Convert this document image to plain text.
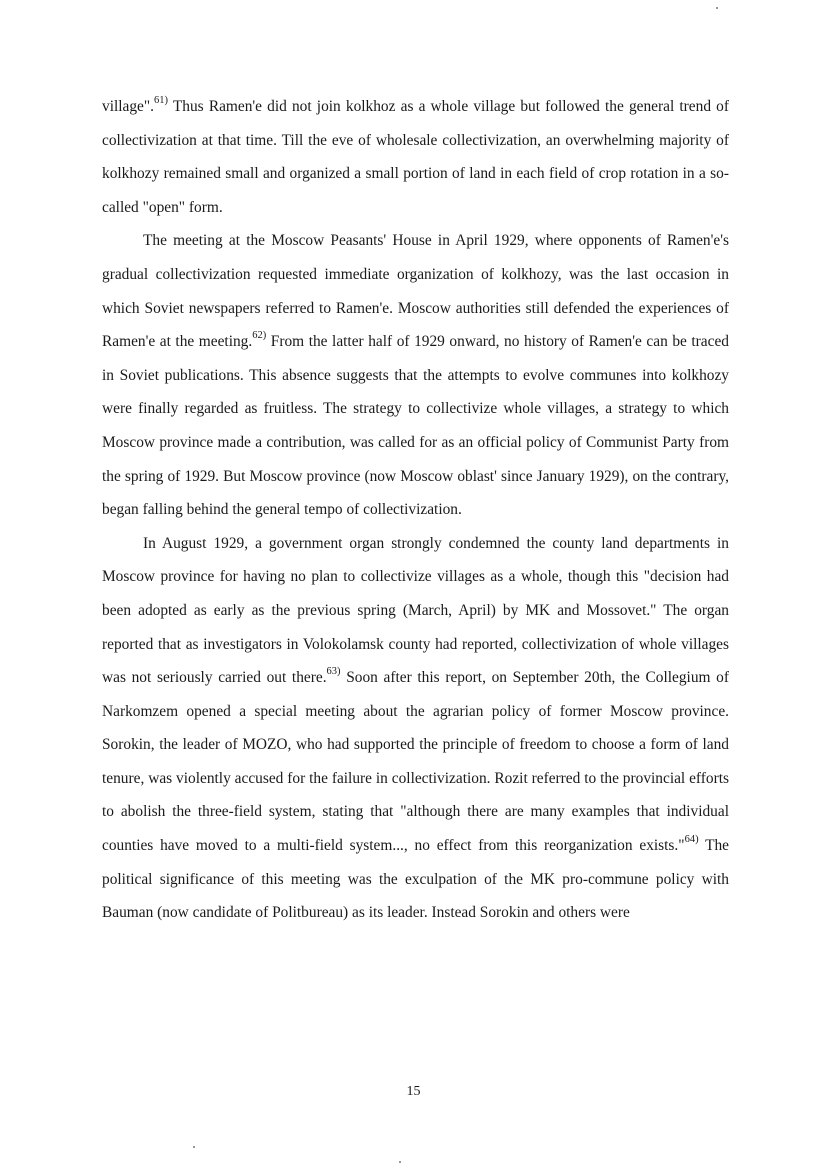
village".$^{61)}$ Thus Ramen'e did not join kolkhoz as a whole village but followed the general trend of collectivization at that time. Till the eve of wholesale collectivization, an overwhelming majority of kolkhozy remained small and organized a small portion of land in each field of crop rotation in a so-called "open" form.

The meeting at the Moscow Peasants' House in April 1929, where opponents of Ramen'e's gradual collectivization requested immediate organization of kolkhozy, was the last occasion in which Soviet newspapers referred to Ramen'e. Moscow authorities still defended the experiences of Ramen'e at the meeting.$^{62)}$ From the latter half of 1929 onward, no history of Ramen'e can be traced in Soviet publications. This absence suggests that the attempts to evolve communes into kolkhozy were finally regarded as fruitless. The strategy to collectivize whole villages, a strategy to which Moscow province made a contribution, was called for as an official policy of Communist Party from the spring of 1929. But Moscow province (now Moscow oblast' since January 1929), on the contrary, began falling behind the general tempo of collectivization.

In August 1929, a government organ strongly condemned the county land departments in Moscow province for having no plan to collectivize villages as a whole, though this "decision had been adopted as early as the previous spring (March, April) by MK and Mossovet." The organ reported that as investigators in Volokolamsk county had reported, collectivization of whole villages was not seriously carried out there.$^{63)}$ Soon after this report, on September 20th, the Collegium of Narkomzem opened a special meeting about the agrarian policy of former Moscow province. Sorokin, the leader of MOZO, who had supported the principle of freedom to choose a form of land tenure, was violently accused for the failure in collectivization. Rozit referred to the provincial efforts to abolish the three-field system, stating that "although there are many examples that individual counties have moved to a multi-field system..., no effect from this reorganization exists."$^{64)}$ The political significance of this meeting was the exculpation of the MK pro-commune policy with Bauman (now candidate of Politbureau) as its leader. Instead Sorokin and others were

15
